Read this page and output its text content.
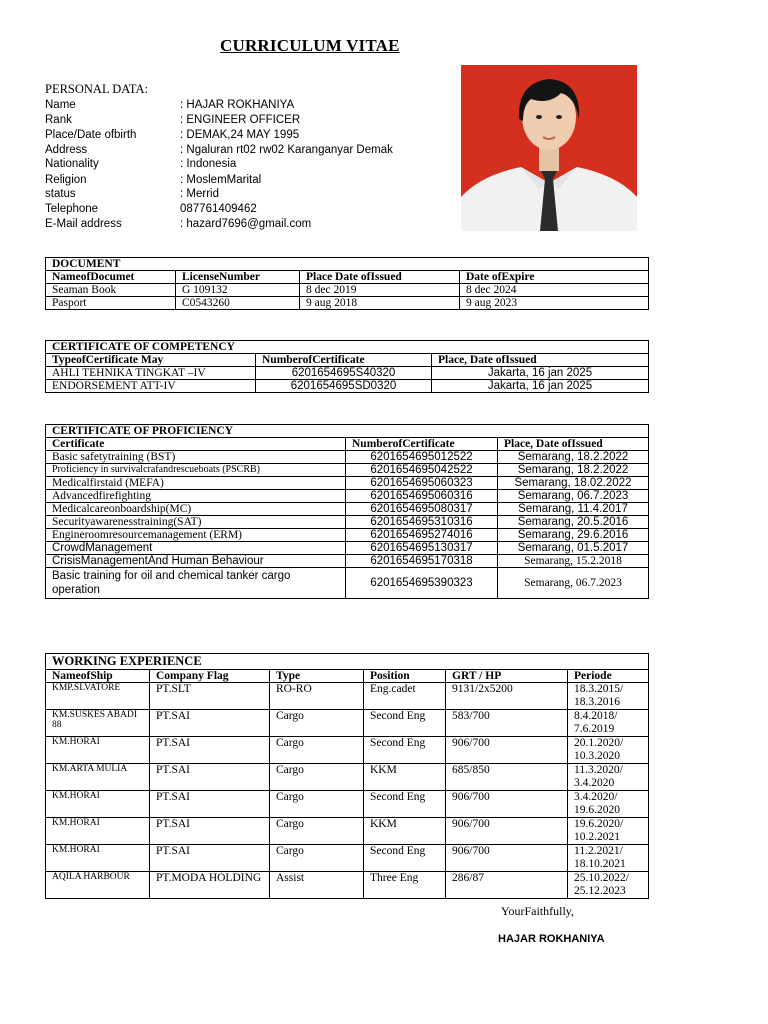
CURRICULUM VITAE
PERSONAL DATA:
Name	: HAJAR ROKHANIYA
Rank	: ENGINEER OFFICER
Place/Date ofbirth	: DEMAK,24 MAY 1995
Address	: Ngaluran rt02 rw02 Karanganyar Demak
Nationality	: Indonesia
Religion	: MoslemMarital
status	: Merrid
Telephone	087761409462
E-Mail address	: hazard7696@gmail.com
DOCUMENT			
NameofDocumet	LicenseNumber	Place Date ofIssued	Date ofExpire
Seaman Book	G 109132	8 dec 2019	8 dec 2024
Pasport	C0543260	9 aug 2018	9 aug 2023
CERTIFICATE OF COMPETENCY		
TypeofCertificate May	NumberofCertificate	Place, Date ofIssued
AHLI TEHNIKA TINGKAT –IV	6201654695S40320	Jakarta, 16 jan 2025
ENDORSEMENT ATT-IV	6201654695SD0320	Jakarta, 16 jan 2025
CERTIFICATE OF PROFICIENCY		
Certificate	NumberofCertificate	Place, Date ofIssued
Basic safetytraining (BST)	6201654695012522	Semarang, 18.2.2022
Proficiency in survivalcrafandrescueboats (PSCRB)	6201654695042522	Semarang, 18.2.2022
Medicalfirstaid (MEFA)	6201654695060323	Semarang, 18.02.2022
Advancedfirefighting	6201654695060316	Semarang, 06.7.2023
Medicalcareonboardship(MC)	6201654695080317	Semarang, 11.4.2017
Securityawarenesstraining(SAT)	6201654695310316	Semarang, 20.5.2016
Engineroomresourcemanagement (ERM)	6201654695274016	Semarang, 29.6.2016
CrowdManagement	6201654695130317	Semarang, 01.5.2017
CrisisManagementAnd Human Behaviour	6201654695170318	Semarang, 15.2.2018
Basic training for oil and chemical tanker cargo operation	6201654695390323	Semarang, 06.7.2023
WORKING EXPERIENCE					
NameofShip	Company Flag	Type	Position	GRT / HP	Periode
KMP.SLVATORE	PT.SLT	RO-RO	Eng.cadet	9131/2x5200	18.3.2015/ 18.3.2016
KM.SUSKES ABADI 88	PT.SAI	Cargo	Second Eng	583/700	8.4.2018/ 7.6.2019
KM.HORAI	PT.SAI	Cargo	Second Eng	906/700	20.1.2020/ 10.3.2020
KM.ARTA MULIA	PT.SAI	Cargo	KKM	685/850	11.3.2020/ 3.4.2020
KM.HORAI	PT.SAI	Cargo	Second Eng	906/700	3.4.2020/ 19.6.2020
KM.HORAI	PT.SAI	Cargo	KKM	906/700	19.6.2020/ 10.2.2021
KM.HORAI	PT.SAI	Cargo	Second Eng	906/700	11.2.2021/ 18.10.2021
AQILA HARBOUR	PT.MODA HOLDING	Assist	Three Eng	286/87	25.10.2022/ 25.12.2023
YourFaithfully,
HAJAR ROKHANIYA
